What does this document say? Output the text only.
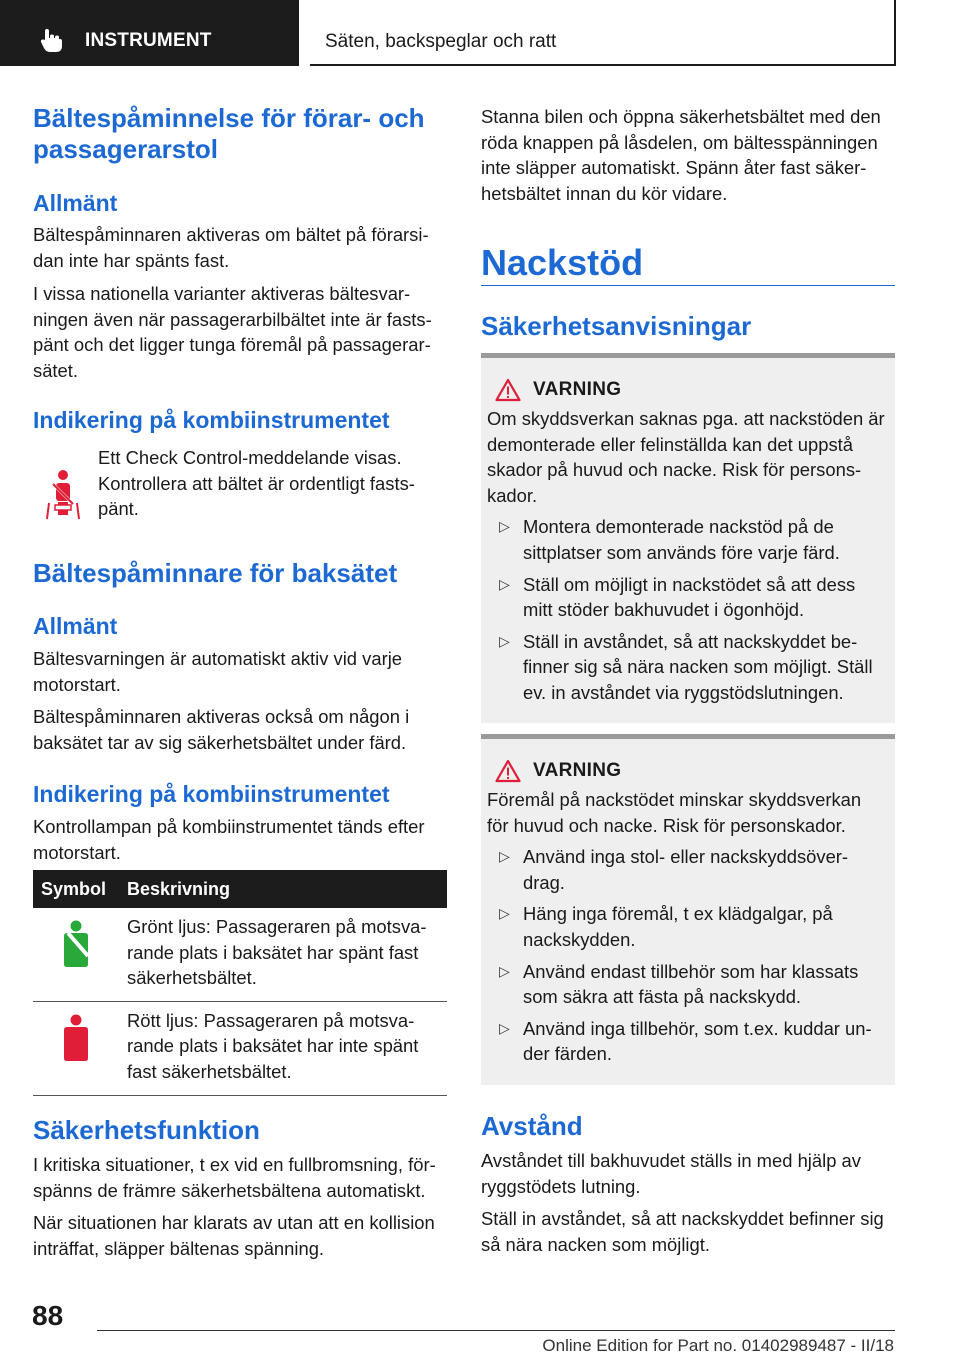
INSTRUMENT	Säten, backspeglar och ratt
Bältespåminnelse för förar- och passagerarstol
Allmänt
Bältespåminnaren aktiveras om bältet på förarsi-dan inte har spänts fast.
I vissa nationella varianter aktiveras bältesvar-ningen även när passagerarbilbältet inte är fasts-pänt och det ligger tunga föremål på passagerar-sätet.
Indikering på kombiinstrumentet
Ett Check Control-meddelande visas. Kontrollera att bältet är ordentligt fasts-pänt.
Bältespåminnare för baksätet
Allmänt
Bältesvarningen är automatiskt aktiv vid varje motorstart.
Bältespåminnaren aktiveras också om någon i baksätet tar av sig säkerhetsbältet under färd.
Indikering på kombiinstrumentet
Kontrollampan på kombiinstrumentet tänds efter motorstart.
Symbol	Beskrivning
	Grönt ljus: Passageraren på motsva-rande plats i baksätet har spänt fast säkerhetsbältet.
	Rött ljus: Passageraren på motsva-rande plats i baksätet har inte spänt fast säkerhetsbältet.
Säkerhetsfunktion
I kritiska situationer, t ex vid en fullbromsning, för-spänns de främre säkerhetsbältena automatiskt.
När situationen har klarats av utan att en kollision inträffat, släpper bältenas spänning.
Stanna bilen och öppna säkerhetsbältet med den röda knappen på låsdelen, om bältesspänningen inte släpper automatiskt. Spänn åter fast säker-hetsbältet innan du kör vidare.
Nackstöd
Säkerhetsanvisningar
VARNING
Om skyddsverkan saknas pga. att nackstöden är demonterade eller felinställda kan det uppstå skador på huvud och nacke. Risk för persons-kador.
▷ Montera demonterade nackstöd på de sittplatser som används före varje färd.
▷ Ställ om möjligt in nackstödet så att dess mitt stöder bakhuvudet i ögonhöjd.
▷ Ställ in avståndet, så att nackskyddet be-finner sig så nära nacken som möjligt. Ställ ev. in avståndet via ryggstödslutningen.
VARNING
Föremål på nackstödet minskar skyddsverkan för huvud och nacke. Risk för personskador.
▷ Använd inga stol- eller nackskyddsöver-drag.
▷ Häng inga föremål, t ex klädgalgar, på nackskydden.
▷ Använd endast tillbehör som har klassats som säkra att fästa på nackskydd.
▷ Använd inga tillbehör, som t.ex. kuddar un-der färden.
Avstånd
Avståndet till bakhuvudet ställs in med hjälp av ryggstödets lutning.
Ställ in avståndet, så att nackskyddet befinner sig så nära nacken som möjligt.
88
Online Edition for Part no. 01402989487 - II/18
